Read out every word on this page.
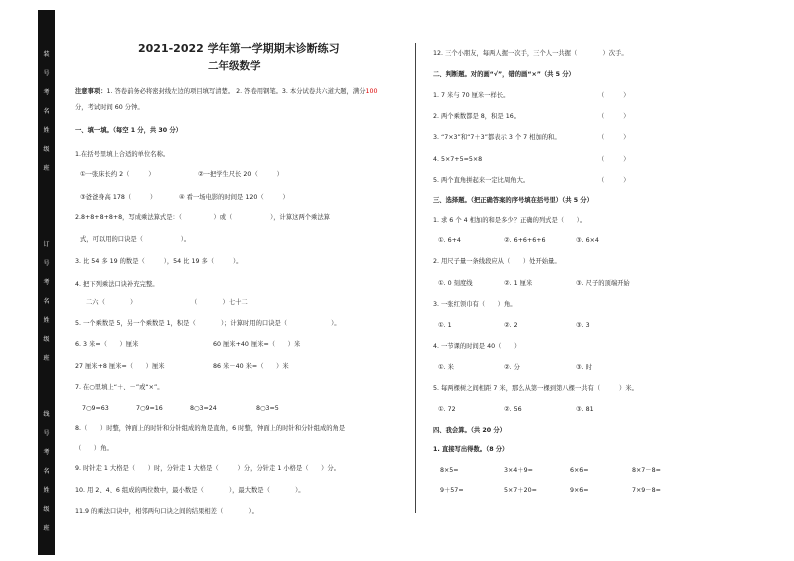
装
号
考
名
姓
级
班
订
号
考
名
姓
级
班
线
号
考
名
姓
级
班
2021-2022 学年第一学期期末诊断练习
二年级数学
注意事项：1. 答卷前务必将密封线左边的项目填写清楚。 2. 答卷用钢笔。3. 本分试卷共六道大题，满分100
分，考试时间 60 分钟。
一、填一填。（每空 1 分，共 30 分）
1.在括号里填上合适的单位名称。
①一张床长约 2（　　　）	②一把学生尺长 20（　　　）
③爸爸身高 178（　　　）	④ 看一场电影的时间是 120（　　　）
2.8+8+8+8+8，写成乘法算式是：（　　　　　）或（　　　　　　），计算这两个乘法算
式，可以用的口诀是（　　　　　　）。
3. 比 54 多 19 的数是（　　　），54 比 19 多（　　　）。
4. 把下列乘法口诀补充完整。
二六（　　　　）	（　　　　）七十二
5. 一个乘数是 5，另一个乘数是 1，积是（　　　　）；计算时用的口诀是（　　　　　　　）。
6. 3 米=（　　）厘米	60 厘米+40 厘米=（　　）米
27 厘米+8 厘米=（　　）厘米	86 米－40 米=（　　）米
7. 在○里填上“＋、－”或“×”。
7○9=63	7○9=16	8○3=24	8○3=5
8.（　　）时整，钟面上的时针和分针组成的角是直角，6 时整，钟面上的时针和分针组成的角是
（　　）角。
9. 时针走 1 大格是（　　）时，分针走 1 大格是（　　　）分，分针走 1 小格是（　　）分。
10. 用 2、4、6 组成的两位数中，最小数是（　　　　），最大数是（　　　　）。
11.9 的乘法口诀中，相邻两句口诀之间的结果相差（　　　　）。
12. 三个小朋友，每两人握一次手，三个人一共握（　　　　）次手。
二、判断题。对的画“√”，错的画“×”（共 5 分）
1. 7 米与 70 厘米一样长。	（　　　）
2. 两个乘数都是 8，积是 16。	（　　　）
3. “7×3”和“7＋3”都表示 3 个 7 相加的和。	（　　　）
4. 5×7+5=5×8	（　　　）
5. 两个直角拼起来一定比周角大。	（　　　）
三、选择题。（把正确答案的序号填在括号里）（共 5 分）
1. 求 6 个 4 相加的和是多少？正确的列式是（　　）。
①. 6+4	②. 6+6+6+6	③. 6×4
2. 用尺子量一条线段应从（　　）处开始量。
①. 0 刻度线	②. 1 厘米	③. 尺子的顶端开始
3. 一张红领巾有（　　）角。
①. 1	②. 2	③. 3
4. 一节课的时间是 40（　　）
①. 米	②. 分	③. 时
5. 每两棵树之间相距 7 米，那么从第一棵到第八棵一共有（　　　）米。
①. 72	②. 56	③. 81
四、我会算。（共 20 分）
1. 直接写出得数。（8 分）
8×5=	3×4＋9=	6×6=	8×7－8=
9＋57=	5×7＋20=	9×6=	7×9－8=
